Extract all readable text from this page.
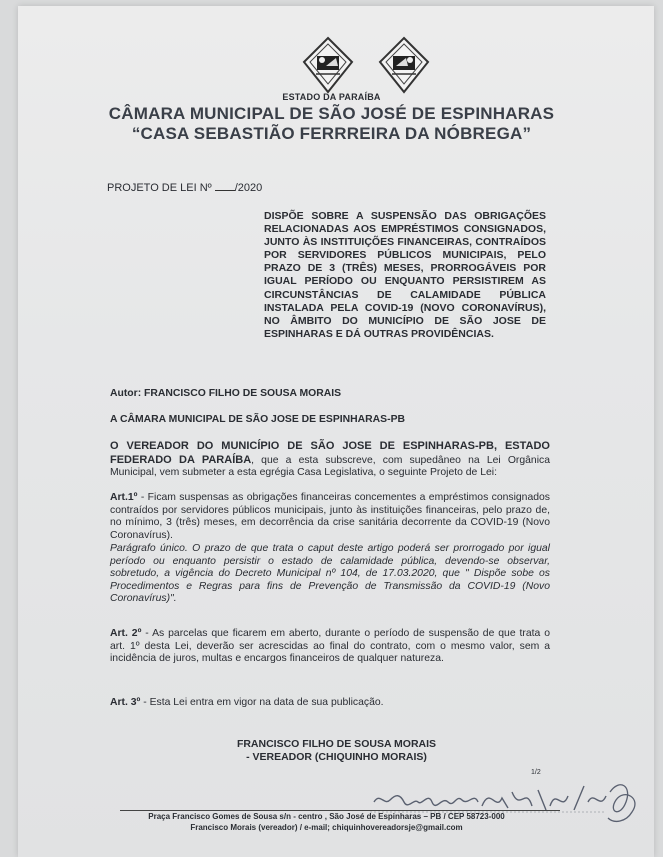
ESTADO DA PARAÍBA
CÂMARA MUNICIPAL DE SÃO JOSÉ DE ESPINHARAS
“CASA SEBASTIÃO FERRREIRA DA NÓBREGA”
PROJETO DE LEI Nº /2020
DISPÕE SOBRE A SUSPENSÃO DAS OBRIGAÇÕES RELACIONADAS AOS EMPRÉSTIMOS CONSIGNADOS, JUNTO ÀS INSTITUIÇÕES FINANCEIRAS, CONTRAÍDOS POR SERVIDORES PÚBLICOS MUNICIPAIS, PELO PRAZO DE 3 (TRÊS) MESES, PRORROGÁVEIS POR IGUAL PERÍODO OU ENQUANTO PERSISTIREM AS CIRCUNSTÂNCIAS DE CALAMIDADE PÚBLICA INSTALADA PELA COVID-19 (NOVO CORONAVÍRUS), NO ÂMBITO DO MUNICÍPIO DE SÃO JOSE DE ESPINHARAS E DÁ OUTRAS PROVIDÊNCIAS.
Autor: FRANCISCO FILHO DE SOUSA MORAIS
A CÂMARA MUNICIPAL DE SÃO JOSE DE ESPINHARAS-PB
O VEREADOR DO MUNICÍPIO DE SÃO JOSE DE ESPINHARAS-PB, ESTADO FEDERADO DA PARAÍBA, que a esta subscreve, com supedâneo na Lei Orgânica Municipal, vem submeter a esta egrégia Casa Legislativa, o seguinte Projeto de Lei:
Art.1º - Ficam suspensas as obrigações financeiras concementes a empréstimos consignados contraídos por servidores públicos municipais, junto às instituições financeiras, pelo prazo de, no mínimo, 3 (três) meses, em decorrência da crise sanitária decorrente da COVID-19 (Novo Coronavírus).
Parágrafo único. O prazo de que trata o caput deste artigo poderá ser prorrogado por igual período ou enquanto persistir o estado de calamidade pública, devendo-se observar, sobretudo, a vigência do Decreto Municipal nº 104, de 17.03.2020, que " Dispõe sobe os Procedimentos e Regras para fins de Prevenção de Transmissão da COVID-19 (Novo Coronavírus)".
Art. 2º - As parcelas que ficarem em aberto, durante o período de suspensão de que trata o art. 1º desta Lei, deverão ser acrescidas ao final do contrato, com o mesmo valor, sem a incidência de juros, multas e encargos financeiros de qualquer natureza.
Art. 3º - Esta Lei entra em vigor na data de sua publicação.
FRANCISCO FILHO DE SOUSA MORAIS
- VEREADOR (CHIQUINHO MORAIS)
1/2
Praça Francisco Gomes de Sousa s/n - centro , São José de Espinharas – PB / CEP 58723-000
Francisco Morais (vereador) / e-mail; chiquinhovereadorsje@gmail.com
